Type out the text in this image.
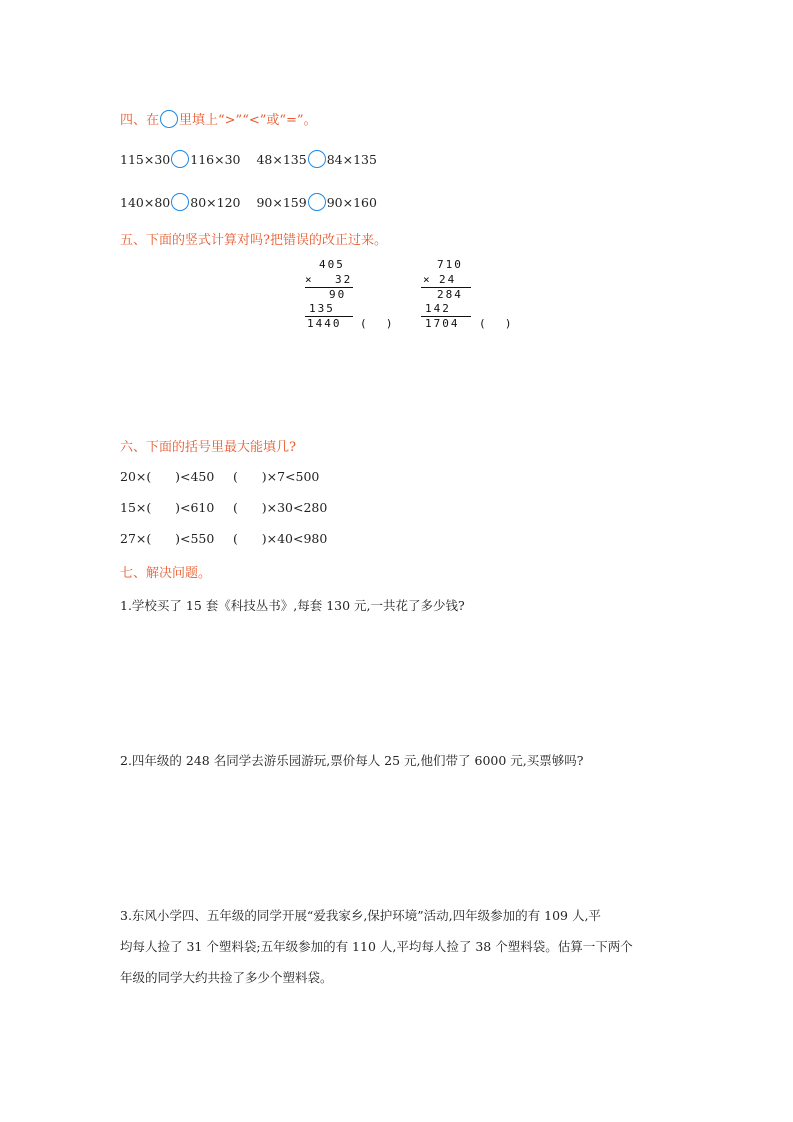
四、在 里填上“>”“<”或“=”。
115×30 116×30 48×135 84×135
140×80 80×120 90×159 90×160
五、下面的竖式计算对吗?把错误的改正过来。
405
× 32
90
135
1440 (  )
710
× 24
284
142
1704 (  )
六、下面的括号里最大能填几?
20×(      )<450 (      )×7<500
15×(      )<610 (      )×30<280
27×(      )<550 (      )×40<980
七、解决问题。
1.学校买了 15 套《科技丛书》,每套 130 元,一共花了多少钱?
2.四年级的 248 名同学去游乐园游玩,票价每人 25 元,他们带了 6000 元,买票够吗?
3.东风小学四、五年级的同学开展“爱我家乡,保护环境”活动,四年级参加的有 109 人,平
均每人捡了 31 个塑料袋;五年级参加的有 110 人,平均每人捡了 38 个塑料袋。估算一下两个
年级的同学大约共捡了多少个塑料袋。
